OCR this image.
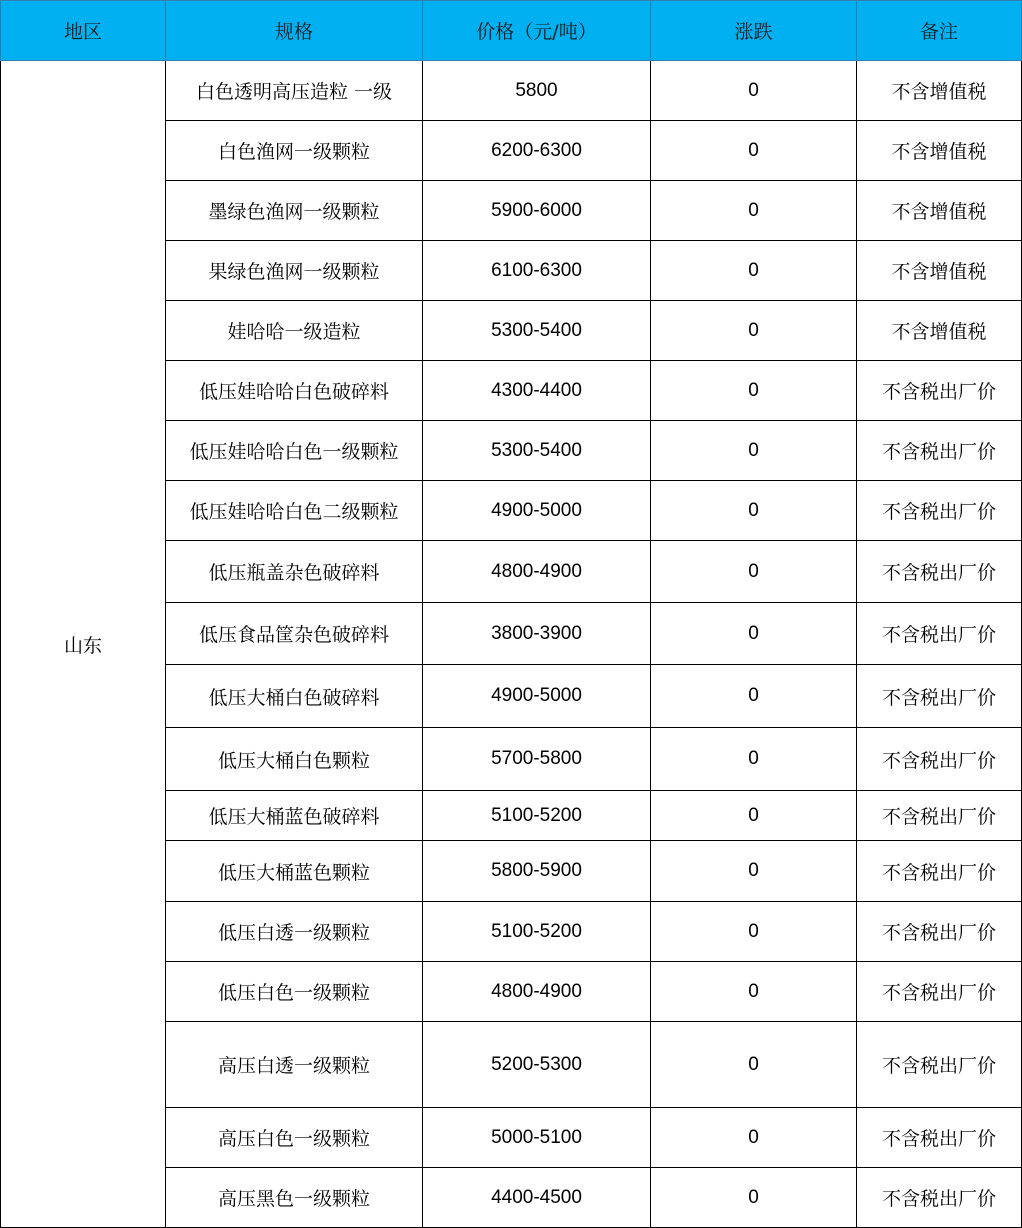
地区	规格	价格（元/吨）	涨跌	备注
山东	白色透明高压造粒 一级	5800	0	不含增值税
	白色渔网一级颗粒	6200-6300	0	不含增值税
	墨绿色渔网一级颗粒	5900-6000	0	不含增值税
	果绿色渔网一级颗粒	6100-6300	0	不含增值税
	娃哈哈一级造粒	5300-5400	0	不含增值税
	低压娃哈哈白色破碎料	4300-4400	0	不含税出厂价
	低压娃哈哈白色一级颗粒	5300-5400	0	不含税出厂价
	低压娃哈哈白色二级颗粒	4900-5000	0	不含税出厂价
	低压瓶盖杂色破碎料	4800-4900	0	不含税出厂价
	低压食品筐杂色破碎料	3800-3900	0	不含税出厂价
	低压大桶白色破碎料	4900-5000	0	不含税出厂价
	低压大桶白色颗粒	5700-5800	0	不含税出厂价
	低压大桶蓝色破碎料	5100-5200	0	不含税出厂价
	低压大桶蓝色颗粒	5800-5900	0	不含税出厂价
	低压白透一级颗粒	5100-5200	0	不含税出厂价
	低压白色一级颗粒	4800-4900	0	不含税出厂价
	高压白透一级颗粒	5200-5300	0	不含税出厂价
	高压白色一级颗粒	5000-5100	0	不含税出厂价
	高压黑色一级颗粒	4400-4500	0	不含税出厂价
